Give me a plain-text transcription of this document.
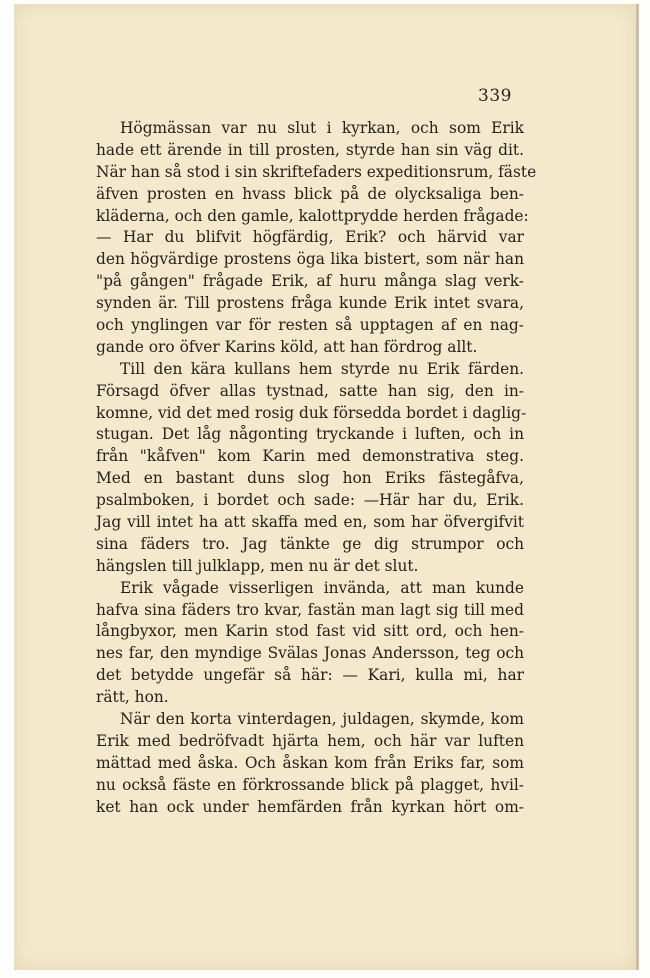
339
Högmässan var nu slut i kyrkan, och som Erik
hade ett ärende in till prosten, styrde han sin väg dit.
När han så stod i sin skriftefaders expeditionsrum, fäste
äfven prosten en hvass blick på de olycksaliga ben-
kläderna, och den gamle, kalottprydde herden frågade:
— Har du blifvit högfärdig, Erik? och härvid var
den högvärdige prostens öga lika bistert, som när han
"på gången" frågade Erik, af huru många slag verk-
synden är. Till prostens fråga kunde Erik intet svara,
och ynglingen var för resten så upptagen af en nag-
gande oro öfver Karins köld, att han fördrog allt.
Till den kära kullans hem styrde nu Erik färden.
Försagd öfver allas tystnad, satte han sig, den in-
komne, vid det med rosig duk försedda bordet i daglig-
stugan. Det låg någonting tryckande i luften, och in
från "kåfven" kom Karin med demonstrativa steg.
Med en bastant duns slog hon Eriks fästegåfva,
psalmboken, i bordet och sade: —Här har du, Erik.
Jag vill intet ha att skaffa med en, som har öfvergifvit
sina fäders tro. Jag tänkte ge dig strumpor och
hängslen till julklapp, men nu är det slut.
Erik vågade visserligen invända, att man kunde
hafva sina fäders tro kvar, fastän man lagt sig till med
långbyxor, men Karin stod fast vid sitt ord, och hen-
nes far, den myndige Svälas Jonas Andersson, teg och
det betydde ungefär så här: — Kari, kulla mi, har
rätt, hon.
När den korta vinterdagen, juldagen, skymde, kom
Erik med bedröfvadt hjärta hem, och här var luften
mättad med åska. Och åskan kom från Eriks far, som
nu också fäste en förkrossande blick på plagget, hvil-
ket han ock under hemfärden från kyrkan hört om-
